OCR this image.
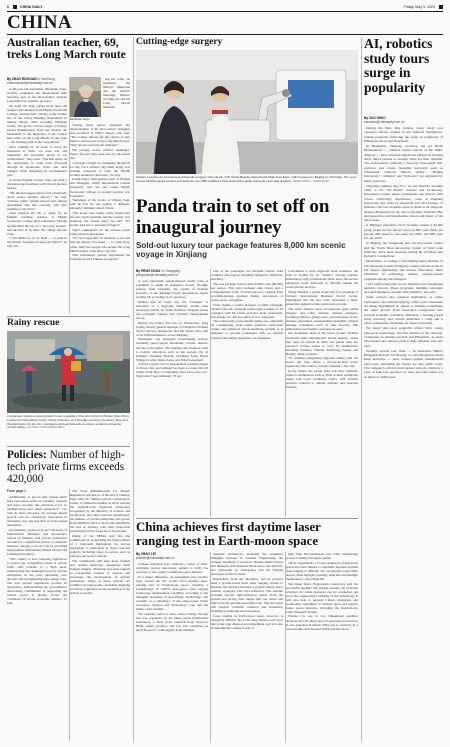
6	CHINA DAILY	Friday, May 3, 2024
CHINA
Australian teacher, 69, treks Long March route
By ZHAO RUIXUAN in Yanzhong
zhaoruixuan@chinadaily.com.cn

A 69-year-old Australian, Elizabeth Sugo, recently completed the 46-kilometer hike retracing part of the Red Army's Kenyan Long March in Guizhou province.

On April 18, Sugo joined more than 100 teachers and students from Hejian Vocational College, starting their journey at the former site of the Zunyi Meeting Department in Zikong village, Tello township, Hezhang county. The group covered ranges on Friday, passed Shuizhougou Trail and reached the Monument to the Departure of the Central Red Army on the Long March on the route — the starting point of the Long March.

After walking for 10 hours to reach the memorial at Yudu, we were wet and exhausted, but incredibly proud of our achievement," Sugo said. "The Red Army on the opportunity to walk back (forward) through its mountains, rivers and rural villages, while imagining its revolutionary past."

A retired English teacher, Sugo has held a decades-long friendship with China's modern history.

"My interest began when I read extensively about Asia's modern history," he said. "Chinese public greatly moved and chinese determined and that curiosity will give meaning to my lives."

Their mission led her to apply for an English teaching position at Hejian Vocational College after retirement. Though he described the trip as a "two-way journey" and the first of its kind, the college had the route.

"I am thrilled to be in Yudu — to walk in the historic footsteps of the Long March!" he said. For

Elizabeth Sugo

ing his route, he explained the Martyrs Memorial and the historic buildings Eleanor crossing site and the Long March Museum.

"Seeing these places deepened my understanding of the Red Army's struggles and sacrifices in 1934," Sugo's wife said. "The college offered me the chance to join them to retrace part of the Long March route. Their devotion moved me tirelessly."

The journey wasn't without challenges. Sugo's feet and legs were sore by the fourth day.

"I thought I might be completely the march for me, but I refused. My inner injury was nothing compared to what the 86,000 soldiers endured at that time," he said.

Unlike major metropolises such as Beijing and Shanghai, which international tourists frequently visit, the area where Hejian Vocational College is located receives few foreigners.

"Residents of the towns or villages Sugo said he felt he was seeing a different, uniquely charming side of China.

"The locals were really, really people here are nice and hospitable, and the scenery was stunning, the closest here," he said. "It's lavish. And has so peaceful in Sugo's"

Sugo's enthusiasm for the witness tional value of such experiences.

"It's vital, especially for students, to see and feel the history first-hand — to walk those paths, meet the people who endure the Long March stories come alive," he said.

This 2-kilometer journey represented the footsteps toward Chinese prosperity."

Rainy rescue
A volunteer carries a young student over a puddle in the rain in front of Huilan Qian Chun, a school in Nanchang county, Hubei province, on Thursday morning. As heavy rains and thunderstorms hit the city, volunteers worked tirelessly to ensure students arrived at school safely. LIU YING / FOR CHINA DAILY
Policies: Number of high-tech private firms exceeds 420,000
From page 1

Additionally, it proves that private firms have been more active in scientific research and have become the principal force in medium-sized and small enterprises," Liu said. At their own pace, the average annual growth rate for technology innovation in enterprises has exposed that of state-owned enterprises.

Liu Zhihong, professor at the University of International Business and Economics' School of Finance, said private enterprises account for a significant portion of domestic business, playing a crucial role in providing employment, maintaining market vitality and fostering innovation.

"The country is now releasing regulations to protect the competitive power of private firms with policies to a high level, summarizing the challenges faced by private enterprises in the past, stretching over decades and strengthening their energy base. The new private regulations provide its enterprises, demonstrating the government's unwavering commitment to supporting the private sector. It greatly boosts the confidence of private economic entities," Li said.

The State Administration for Market Regulation said that as of the end of January, there were 55.7 million private companies in China, 3.5 times the number in 2012. Among the national-level high-tech enterprises recognized by the Ministry of Science and Technology and other relevant departments, the number of private enterprises has grown from 28,000 in 2012 to more than 420,000 in the end of January, with their proportion increasing from 62.4 percent to 92 percent.

Zhang of the SEMA said that the commission is accelerating the improvement of a long-term mechanism for private enterprises to participate in major national projects, including those in sectors such as railways and power stations.

The commission will urge local cultural and natural landscape enterprises from Jiangxi, Jiangsu, Shandong and other regions to concentrate policies to support and encourage the development of private enterprises. Some of these policies are solidified in legal forms, including Zhejiang province's regulation on the promotion of the private economy.

Cutting-edge surgery
Visitors examine an AI-powered orthopedic surgeon robot at the 17th China Beijing International High-Tech Expo, which opened in Beijing on Thursday. The expo covers 90,000 square meters and features over 800 exhibitors from around the globe during the four-day duration. JIANG DONG / CHINA DAILY
Panda train to set off on inaugural journey
Sold-out luxury tour package features 8,000 km scenic voyage in Xinjiang
By PENG CHAO in Chongqing
pengchao@chinadaily.com.cn

A new panoramic panda-themed tourist train is scheduled to begin its inaugural 10-day, 10-night journey from Chengdu, the capital of Sichuan province, to the Xinjiang Uygur autonomous region on May 18, according to its operators.

Named after its home city, the "Chengdu" is described as a high-end boutique tourist train developed jointly by China Railway Chengdu Group and Chengdu Culture and Tourism Development Group.

During the train's trial run on Wednesday, Tang Liqing, deputy general manager of Chengdu's Sichuan Travel Service, announced that the initial route will cover 8,000 kilometers across Xinjiang.

Passengers can anticipate breathtaking scenery including snow-capped mountains, forests, deserts, and the Gobi region. The itinerary also features visits to notable attractions such as the ancient city of Kashgar, Tianshan Tianchi, Ulanusky Lake, Horse Village in Altay Kanas Lake, and Nalati Grassland.

"Global popular for its management package begins to flower, but, and demand has been so strong that all tickets from May to September have been sold out," Tang noted "approximately 70 per-

cent of the passengers are inbound visitors from countries and regions including Singapore, Malaysia, and Italy."

The tour package costs at least 45,600 yuan ($6,300) per person. This price includes train tickets and a comprehensive array of travel services, ranging from accommodations, gourmet dining, experiences at scenic spots, and guides.

Chen Jianfei, a senior designer at CRIC Chengdu, detailed that the Chengdu panda train consists of 16 carriages with 64 rooms and two main restaurants, two lounge car, and two suites in two categories.

The train boasts a new-model dining car, adjustable air conditioning, wide scenic windows, ultra-quiet cabins, and enhanced shock-absorbing systems. It is designed to provide passengers with an optimal viewing and dining experience, he explained.

Customized to meet high-end hotel standards, the train is staffed by 24 "butlers" serving tourists, information, ugly professional chefs, and a live-action adjourned room dedicated to offering outside the couch private services.

Zhang Xuejing, a panda leader and vice president of Sichuan International Business Travel Group, highlighted that the new train represents a third-generation upgrade of the panda train concept.

The train's interior decor incorporates giant panda imagery and other Sichuan cultural elements, including bamboo, ginkgo trees, and teahouses. It also features specialized panda-themed intangible cultural heritage techniques such as Shu brocade, Shu embroidery, and bamboo weaving, he said.

Xie Jianzhuan, head of the travel groups' Sichuan Southwest Rail International Travel Agency, stated that since its launch in 2022, the panda train has operated various routes to over 30 destinations, including Guizhou, Yunnan, Shandong, Gansu, and Beijing, Jiang province.

"Its seamless integrating high-end dining with rail travel, the train offers a first-of-its-kind travel experience that caters to tourists' demand," Xie said.

In the future, the panda train will have domestic routes to destinations such as Tibet in June. Additional routes will cover southwest China, with western products tailored to market demand and seasonal features.

China achieves first daytime laser ranging test in Earth-moon space
By ZHAO LEI
zhaolei@chinadaily.com.cn

Chinese scientists have achieved a series of laser-switching reverse innovation, aiming to verify the accuracy of the country's ambitious space mission.

In a major milestone, an experiment has recently been carried out the world's first daytime laser-ranging test in Earth-moon space, marking a breakthrough in China's deep-space laser ranging technology advancement capability, according to the Shanghai Academy of Spaceflight Technology. The academy is a subsidiary of the state-owned China Aerospace Science and Technology Corp and the maker of the satellite.

The academy said in a news release Sunday that the test was organized by the Deep Space Exploration Laboratory, a State space research body based in Hefei, Anhui province. The test was conducted on April 26 and 27, with support from multiple

domestic institutions, including the academy's Shanghai Institute of Satellite Engineering, the Chinese Academy of Sciences' Yunnan Observatories and Shanghai Astronomical Observatory, the Sun Yat-sen University in Guangzhou and the Beijing Aerospace Control Center.

Researchers from the laboratory and its partners used a ground-based lunar laser ranging system to measure the distance between a ground station and a satellite equipped with retro-reflectors. The satellite provides precise light-reflection pulses from the ground and strong laser ranges that can return and light from the ground-based telescope. The test result will support scientific research and industries, including positioning and navigation.

Laser ranging in Earth-moon space, however, is extremely difficult due to the long distance and error due to the long distance and experiment, and it is also in determining a single-sound of

light from 100 kilometers over while maintaining precise tracking and signal quality.

"Most experiments of laser-ranging in Earth-moon space had been limited to nighttime because daytime laser-ranging is difficult. We can already work either absorb, from daylight, tracking, detection and sunlight interference," said Zhang Hu.

The Deep Space Exploration Laboratory said the successful daytime test greatly extends the potential windows for when measures can be conducted and prove the engineering feasibility of the technology. It will also help to upgrade China's navigation and positioning capabilities in cislunar space and support future space missions, including the International Lunar Research Station.

Tiandu-1 is one of two Xukankong satellites developed by the Deep Space Exploration Laboratory. It was launched in March 2024 and is currently in a crescent-like orbit between Earth and the moon.

AI, robotics study tours surge in popularity
By ZOU SHUO
zoushuo@chinadaily.com.cn

During the May Day holiday, many study tour operators offered courses in and artificial intelligence-related programs following the surge in popularity of humanoid robots and DeepSeek.

In Hangzhou, Zhejiang province, the AI Booth Headquarters — cultural centers known as the 'Hello dragons' — have attracted significant interest in tracking study major parents to arrange visits for their children. The social media platform, a free-day, three-night trek, explores tour routes featuring keywords such as "DeepSeek Unicorn Silicon Valley", "Beijing University", "Alibaba" and "Robotics" are organized by many operators.

Targeting children ages 8 to 14, the itinerary includes visits to the "AI Booth" Science and Technology Innovation Center, where participants can interact with robots, technology exploration, cases of Zhejiang University and visits to renowned and all Lineages of Alibaba. The rate includes some of them at an elaborate Internet-Homeplace in AI, also to an entire Southern Hub and interactive and intermediate robots and plenty of the discoveries.

A Beijing's education travel booking opened a $2,050 group ticket for the one-pit price at 890 yuan ($42) per person, 980 yuan for one adult and child, and 800 yuan for one adult.

In Beijing, the Jiangdong new AI Innovation Center and the Youth Yuan Innovation Center of West Lake Fund Inc. have been launched during the AI Hotel and Robotics Competition.

Meanwhile, according to the Beijing-based Institute of Life Research Center (Pengpai), a major attraction lies in the unique engineering and science innovative, smart exhibition of technology, culture, science-related programs among the teenagers.

"AI's rapid integration across industries has heightened parental concern. These programs, blending education and entertainment, resonate with families," she said.

Some caution also question themselves as career exploratory and interdisciplinary, with a price threshold. AI using, highlighted its appeal to families considering the rapid growth from innovation integration over seventh academic portfolios. Similarly, a leading parent study traveling said current Shenzhen a camp and it raises competitive advantage for future university.

We noted that such programs reflect Wu's strong interest in technology, and fuel interest in the network. Companies in Alibaba provide and Hangzhou. It opens educational and cultural visits to help children who also deal.

Notably, several tour firms — in Shenzhen, Hefei's Hangzhou Robotic Technology co. And Hangzhou-based Deep Robotics — have worked against unauthorized paid tours, reminding the buyers are also public tours. The company's official visits against schools, while for a price of fake tour operators or tours and fake tickets for as much as 5,000 yuan.
